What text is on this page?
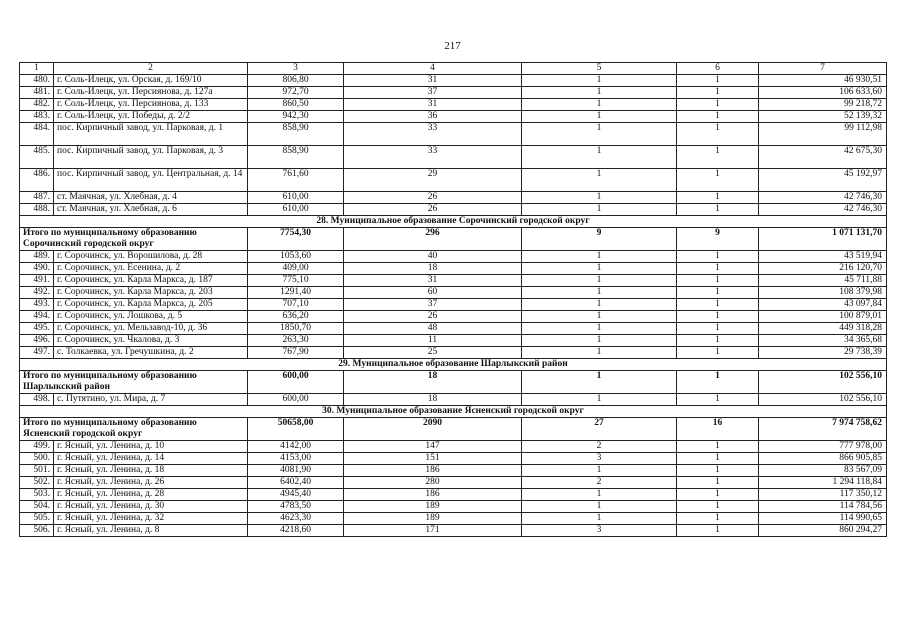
217
1	2	3	4	5	6	7
480.	г. Соль-Илецк, ул. Орская, д. 169/10	806,80	31	1	1	46 930,51
481.	г. Соль-Илецк, ул. Персиянова, д. 127а	972,70	37	1	1	106 633,60
482.	г. Соль-Илецк, ул. Персиянова, д. 133	860,50	31	1	1	99 218,72
483.	г. Соль-Илецк, ул. Победы, д. 2/2	942,30	36	1	1	52 139,32
484.	пос. Кирпичный завод, ул. Парковая, д. 1	858,90	33	1	1	99 112,98
485.	пос. Кирпичный завод, ул. Парковая, д. 3	858,90	33	1	1	42 675,30
486.	пос. Кирпичный завод, ул. Центральная, д. 14	761,60	29	1	1	45 192,97
487.	ст. Маячная, ул. Хлебная, д. 4	610,00	26	1	1	42 746,30
488.	ст. Маячная, ул. Хлебная, д. 6	610,00	26	1	1	42 746,30
28. Муниципальное образование Сорочинский городской округ						
Итого по муниципальному образованию Сорочинский городской округ		7754,30	296	9	9	1 071 131,70
489.	г. Сорочинск, ул. Ворошилова, д. 28	1053,60	40	1	1	43 519,94
490.	г. Сорочинск, ул. Есенина, д. 2	409,00	18	1	1	216 120,70
491.	г. Сорочинск, ул. Карла Маркса, д. 187	775,10	31	1	1	45 711,88
492.	г. Сорочинск, ул. Карла Маркса, д. 203	1291,40	60	1	1	108 379,98
493.	г. Сорочинск, ул. Карла Маркса, д. 205	707,10	37	1	1	43 097,84
494.	г. Сорочинск, ул. Лошкова, д. 5	636,20	26	1	1	100 879,01
495.	г. Сорочинск, ул. Мельзавод-10, д. 36	1850,70	48	1	1	449 318,28
496.	г. Сорочинск, ул. Чкалова, д. 3	263,30	11	1	1	34 365,68
497.	с. Толкаевка, ул. Гречушкина, д. 2	767,90	25	1	1	29 738,39
29. Муниципальное образование Шарлыкский район						
Итого по муниципальному образованию Шарлыкский район		600,00	18	1	1	102 556,10
498.	с. Путятино, ул. Мира, д. 7	600,00	18	1	1	102 556,10
30. Муниципальное образование Ясненский городской округ						
Итого по муниципальному образованию Ясненский городской округ		50658,00	2090	27	16	7 974 758,62
499.	г. Ясный, ул. Ленина, д. 10	4142,00	147	2	1	777 978,00
500.	г. Ясный, ул. Ленина, д. 14	4153,00	151	3	1	866 905,85
501.	г. Ясный, ул. Ленина, д. 18	4081,90	186	1	1	83 567,09
502.	г. Ясный, ул. Ленина, д. 26	6402,40	280	2	1	1 294 118,84
503.	г. Ясный, ул. Ленина, д. 28	4945,40	186	1	1	117 350,12
504.	г. Ясный, ул. Ленина, д. 30	4783,50	189	1	1	114 784,56
505.	г. Ясный, ул. Ленина, д. 32	4623,30	189	1	1	114 990,65
506.	г. Ясный, ул. Ленина, д. 8	4218,60	171	3	1	860 294,27
